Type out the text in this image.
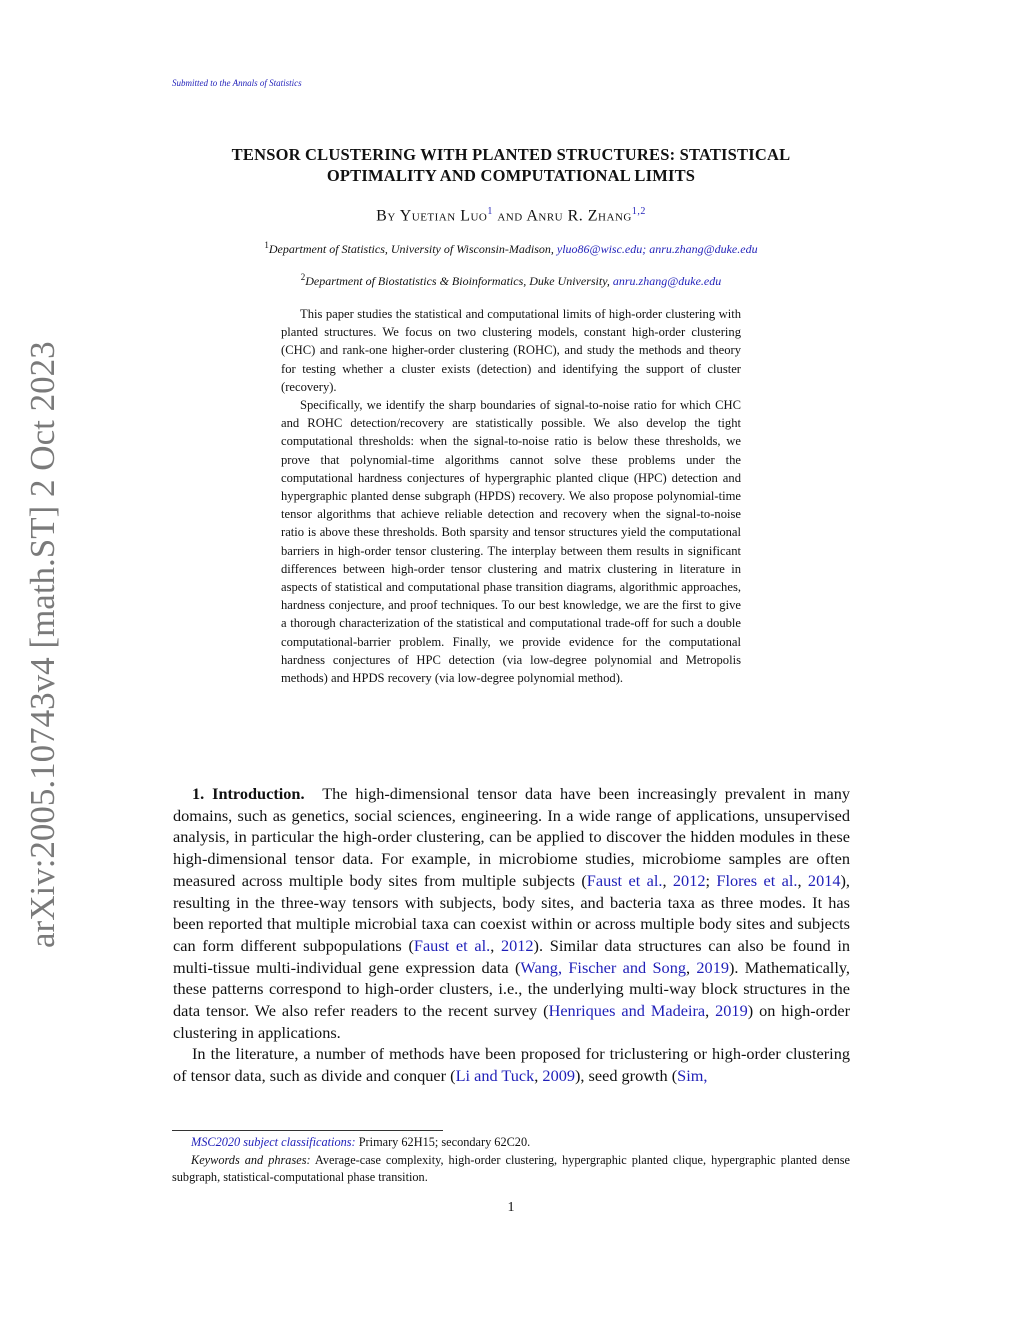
Submitted to the Annals of Statistics
arXiv:2005.10743v4 [math.ST] 2 Oct 2023
TENSOR CLUSTERING WITH PLANTED STRUCTURES: STATISTICAL
OPTIMALITY AND COMPUTATIONAL LIMITS
By Yuetian Luo$^1$ and Anru R. Zhang$^{1,2}$
$^1$Department of Statistics, University of Wisconsin-Madison, yluo86@wisc.edu; anru.zhang@duke.edu
$^2$Department of Biostatistics & Bioinformatics, Duke University, anru.zhang@duke.edu

This paper studies the statistical and computational limits of high-order clustering with planted structures. We focus on two clustering models, constant high-order clustering (CHC) and rank-one higher-order clustering (ROHC), and study the methods and theory for testing whether a cluster exists (detection) and identifying the support of cluster (recovery).

Specifically, we identify the sharp boundaries of signal-to-noise ratio for which CHC and ROHC detection/recovery are statistically possible. We also develop the tight computational thresholds: when the signal-to-noise ratio is below these thresholds, we prove that polynomial-time algorithms cannot solve these problems under the computational hardness conjectures of hypergraphic planted clique (HPC) detection and hypergraphic planted dense subgraph (HPDS) recovery. We also propose polynomial-time tensor algorithms that achieve reliable detection and recovery when the signal-to-noise ratio is above these thresholds. Both sparsity and tensor structures yield the computational barriers in high-order tensor clustering. The interplay between them results in significant differences between high-order tensor clustering and matrix clustering in literature in aspects of statistical and computational phase transition diagrams, algorithmic approaches, hardness conjecture, and proof techniques. To our best knowledge, we are the first to give a thorough characterization of the statistical and computational trade-off for such a double computational-barrier problem. Finally, we provide evidence for the computational hardness conjectures of HPC detection (via low-degree polynomial and Metropolis methods) and HPDS recovery (via low-degree polynomial method).

1. Introduction. The high-dimensional tensor data have been increasingly prevalent in many domains, such as genetics, social sciences, engineering. In a wide range of applications, unsupervised analysis, in particular the high-order clustering, can be applied to discover the hidden modules in these high-dimensional tensor data. For example, in microbiome studies, microbiome samples are often measured across multiple body sites from multiple subjects (Faust et al., 2012; Flores et al., 2014), resulting in the three-way tensors with subjects, body sites, and bacteria taxa as three modes. It has been reported that multiple microbial taxa can coexist within or across multiple body sites and subjects can form different subpopulations (Faust et al., 2012). Similar data structures can also be found in multi-tissue multi-individual gene expression data (Wang, Fischer and Song, 2019). Mathematically, these patterns correspond to high-order clusters, i.e., the underlying multi-way block structures in the data tensor. We also refer readers to the recent survey (Henriques and Madeira, 2019) on high-order clustering in applications.

In the literature, a number of methods have been proposed for triclustering or high-order clustering of tensor data, such as divide and conquer (Li and Tuck, 2009), seed growth (Sim,

MSC2020 subject classifications: Primary 62H15; secondary 62C20.

Keywords and phrases: Average-case complexity, high-order clustering, hypergraphic planted clique, hypergraphic planted dense subgraph, statistical-computational phase transition.

1
